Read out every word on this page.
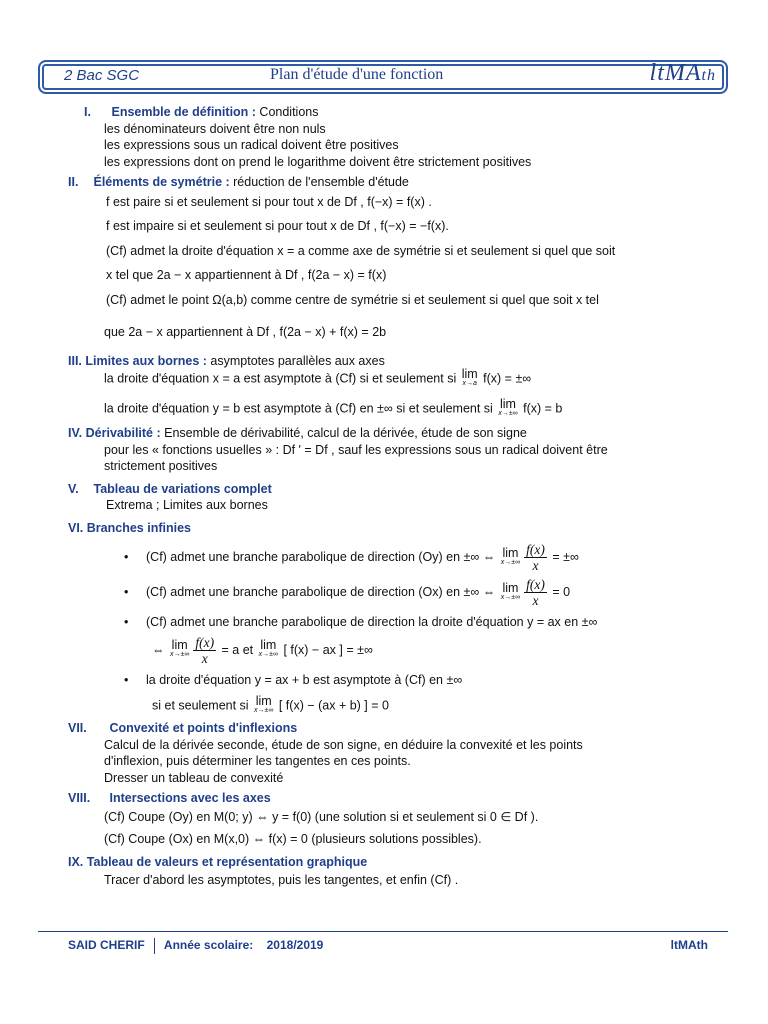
2 Bac SGC	Plan d'étude d'une fonction	ltMAth
I. Ensemble de définition : Conditions
les dénominateurs doivent être non nuls
les expressions sous un radical doivent être positives
les expressions dont on prend le logarithme doivent être strictement positives
II. Éléments de symétrie : réduction de l'ensemble d'étude
f est paire si et seulement si pour tout x de Df , f(−x) = f(x) .
f est impaire si et seulement si pour tout x de Df , f(−x) = −f(x).
(Cf) admet la droite d'équation x = a comme axe de symétrie si et seulement si quel que soit
x tel que 2a − x appartiennent à Df , f(2a − x) = f(x)
(Cf) admet le point Ω(a,b) comme centre de symétrie si et seulement si quel que soit x tel
que 2a − x appartiennent à Df , f(2a − x) + f(x) = 2b
III. Limites aux bornes : asymptotes parallèles aux axes
la droite d'équation x = a est asymptote à (Cf) si et seulement si lim
x→a f(x) = ±∞
la droite d'équation y = b est asymptote à (Cf) en ±∞ si et seulement si lim
x→±∞ f(x) = b
IV. Dérivabilité : Ensemble de dérivabilité, calcul de la dérivée, étude de son signe
pour les « fonctions usuelles » : Df ' = Df , sauf les expressions sous un radical doivent être
strictement positives
V. Tableau de variations complet
Extrema ; Limites aux bornes
VI. Branches infinies
• (Cf) admet une branche parabolique de direction (Oy) en ±∞ ⇔ lim
$x\to\pm\infty \frac{f(x)}{x}$ = ±∞
• (Cf) admet une branche parabolique de direction (Ox) en ±∞ ⇔ lim
$x\to\pm\infty \frac{f(x)}{x} = 0$
• (Cf) admet une branche parabolique de direction la droite d'équation y = ax en ±∞
⇔ lim
$x\to\pm\infty \frac{f(x)}{x} = a$ et lim
x→±∞ [ f(x) − ax ] = ±∞
• la droite d'équation y = ax + b est asymptote à (Cf) en ±∞
si et seulement si lim
x→±∞ [ f(x) − (ax + b) ] = 0
VII. Convexité et points d'inflexions
Calcul de la dérivée seconde, étude de son signe, en déduire la convexité et les points
d'inflexion, puis déterminer les tangentes en ces points.
Dresser un tableau de convexité
VIII. Intersections avec les axes
(Cf) Coupe (Oy) en M(0; y) ⇔ y = f(0) (une solution si et seulement si 0 ∈ Df ).
(Cf) Coupe (Ox) en M(x,0) ⇔ f(x) = 0 (plusieurs solutions possibles).
IX. Tableau de valeurs et représentation graphique
Tracer d'abord les asymptotes, puis les tangentes, et enfin (Cf) .
SAID CHERIF Année scolaire: 2018/2019	ltMAth
